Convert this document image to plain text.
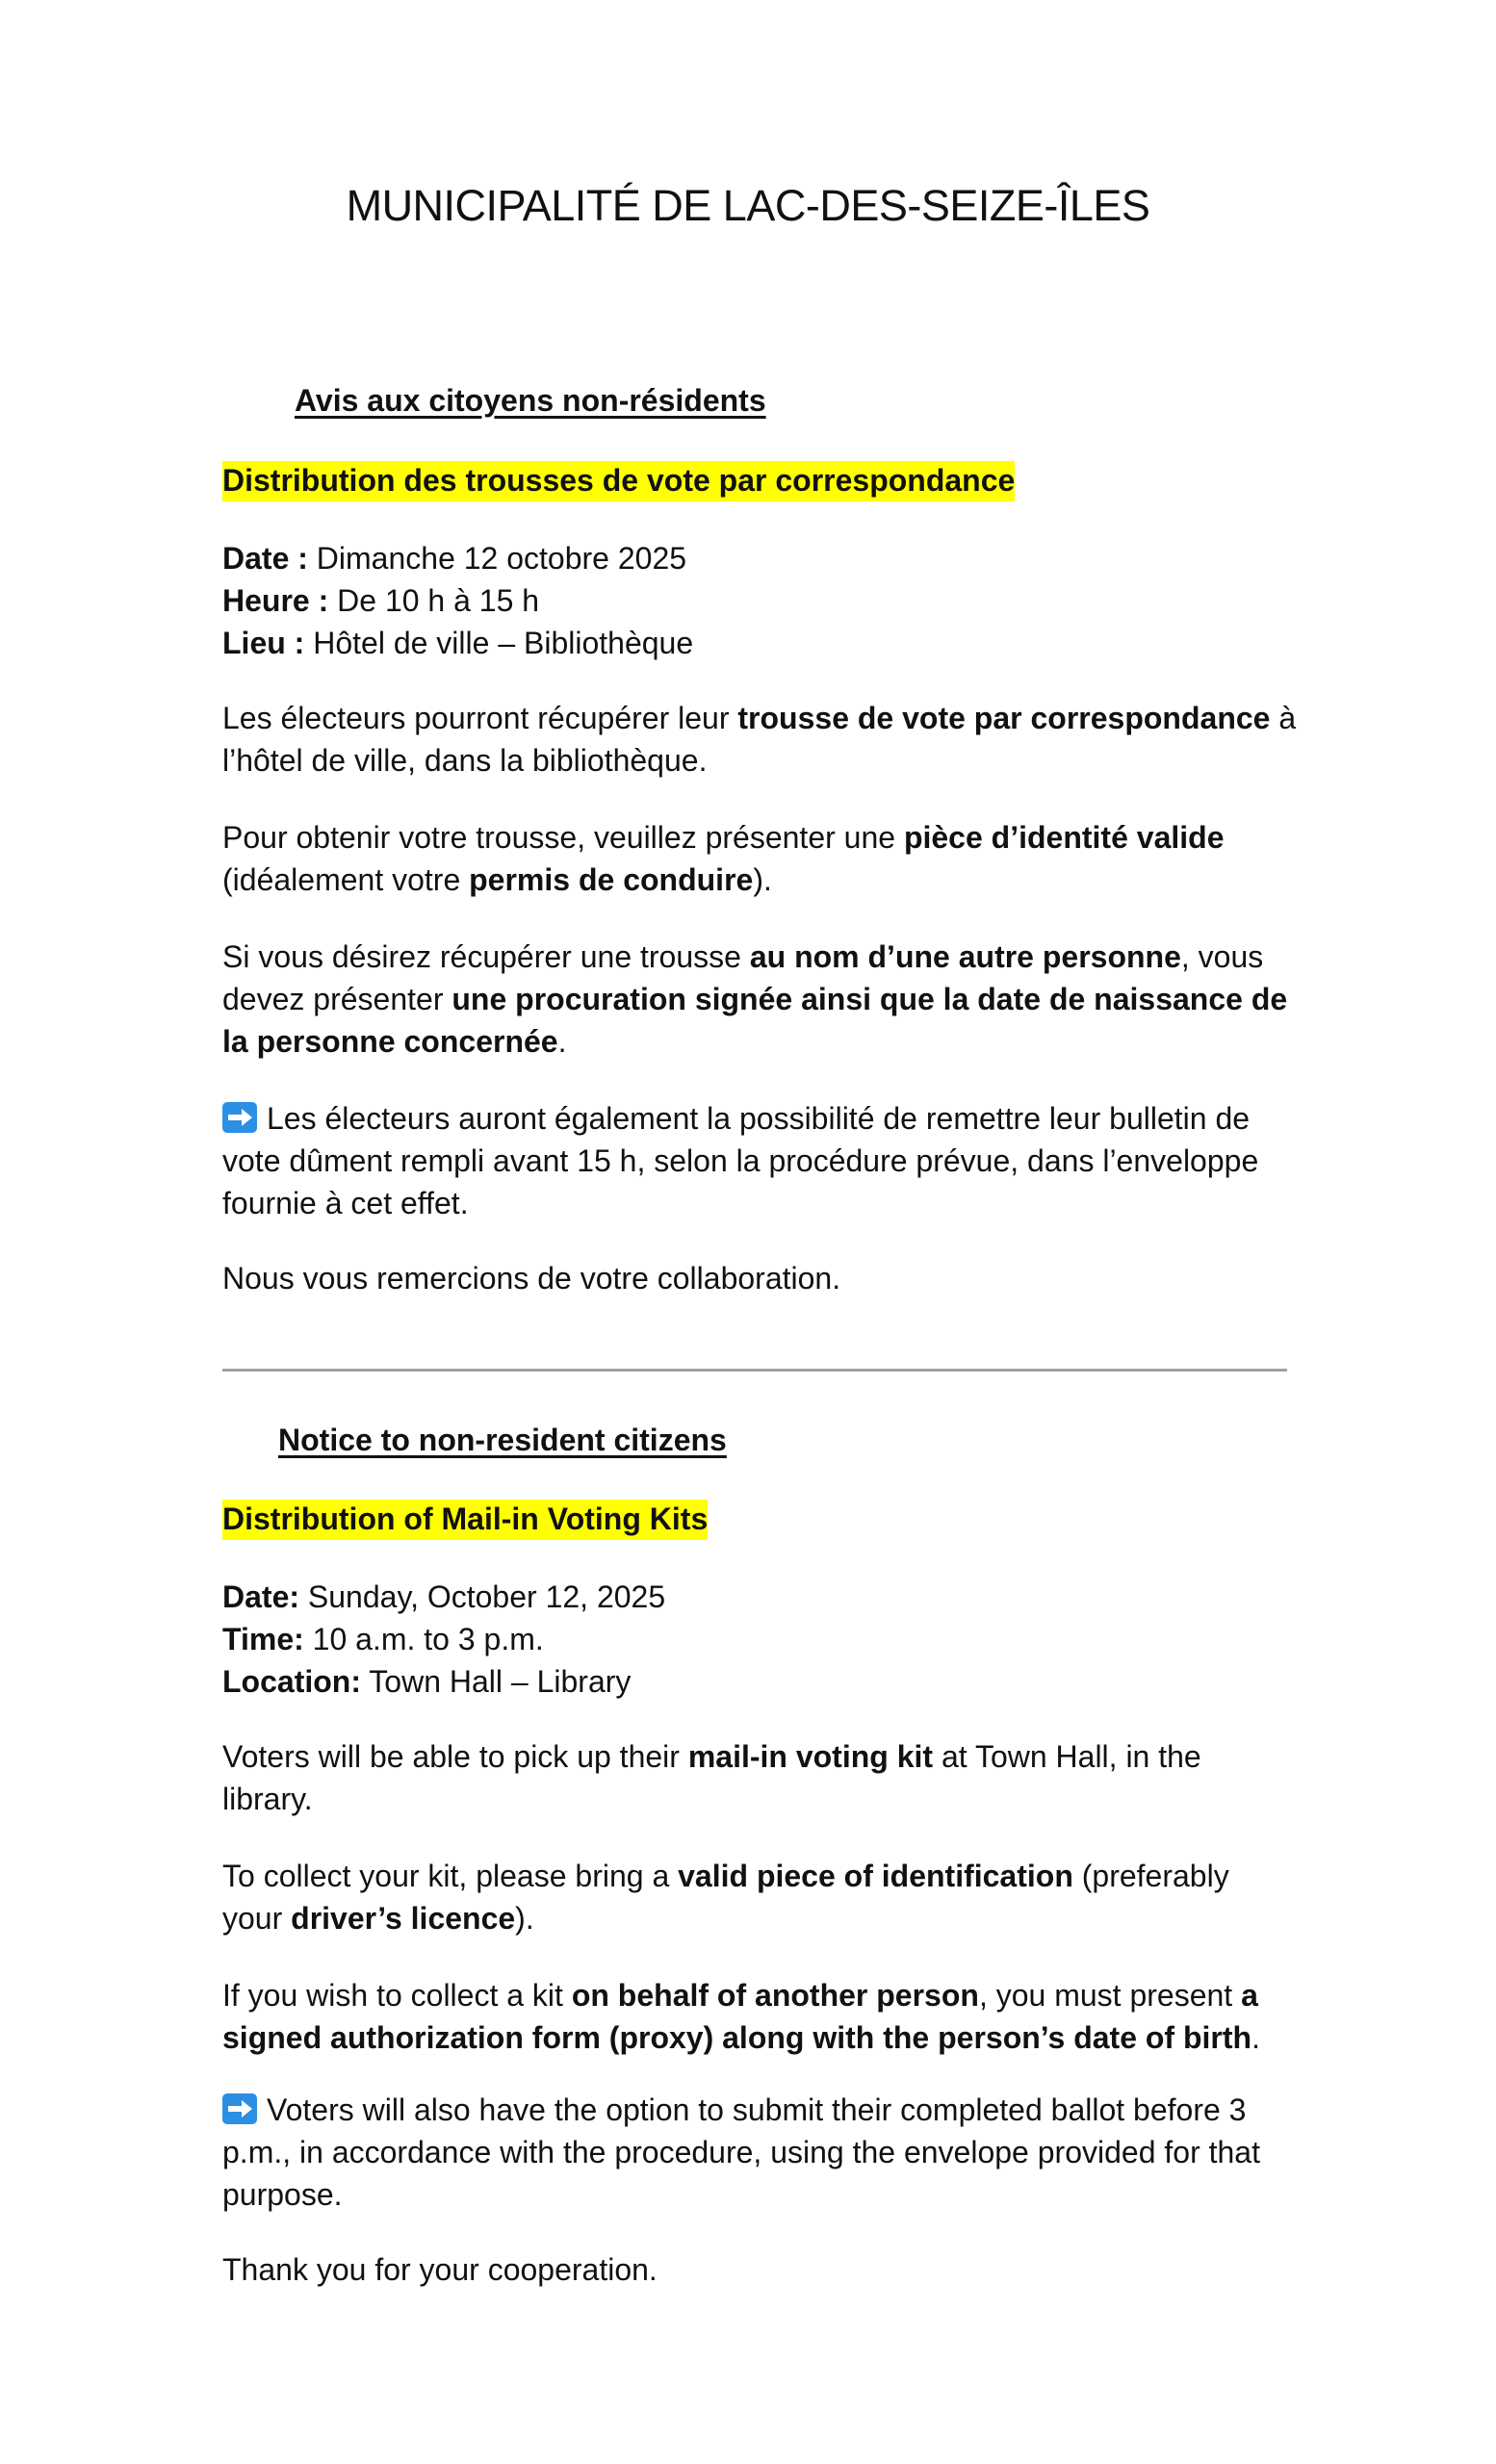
MUNICIPALITÉ DE LAC-DES-SEIZE-ÎLES
Avis aux citoyens non-résidents
Distribution des trousses de vote par correspondance

Date : Dimanche 12 octobre 2025

Heure : De 10 h à 15 h

Lieu : Hôtel de ville – Bibliothèque

Les électeurs pourront récupérer leur trousse de vote par correspondance à l’hôtel de ville, dans la bibliothèque.
Pour obtenir votre trousse, veuillez présenter une pièce d’identité valide (idéalement votre permis de conduire).
Si vous désirez récupérer une trousse au nom d’une autre personne, vous devez présenter une procuration signée ainsi que la date de naissance de la personne concernée.
Les électeurs auront également la possibilité de remettre leur bulletin de vote dûment rempli avant 15 h, selon la procédure prévue, dans l’enveloppe fournie à cet effet.
Nous vous remercions de votre collaboration.
Notice to non-resident citizens
Distribution of Mail-in Voting Kits

Date: Sunday, October 12, 2025

Time: 10 a.m. to 3 p.m.

Location: Town Hall – Library

Voters will be able to pick up their mail-in voting kit at Town Hall, in the library.
To collect your kit, please bring a valid piece of identification (preferably your driver’s licence).
If you wish to collect a kit on behalf of another person, you must present a signed authorization form (proxy) along with the person’s date of birth.
Voters will also have the option to submit their completed ballot before 3 p.m., in accordance with the procedure, using the envelope provided for that purpose.
Thank you for your cooperation.
